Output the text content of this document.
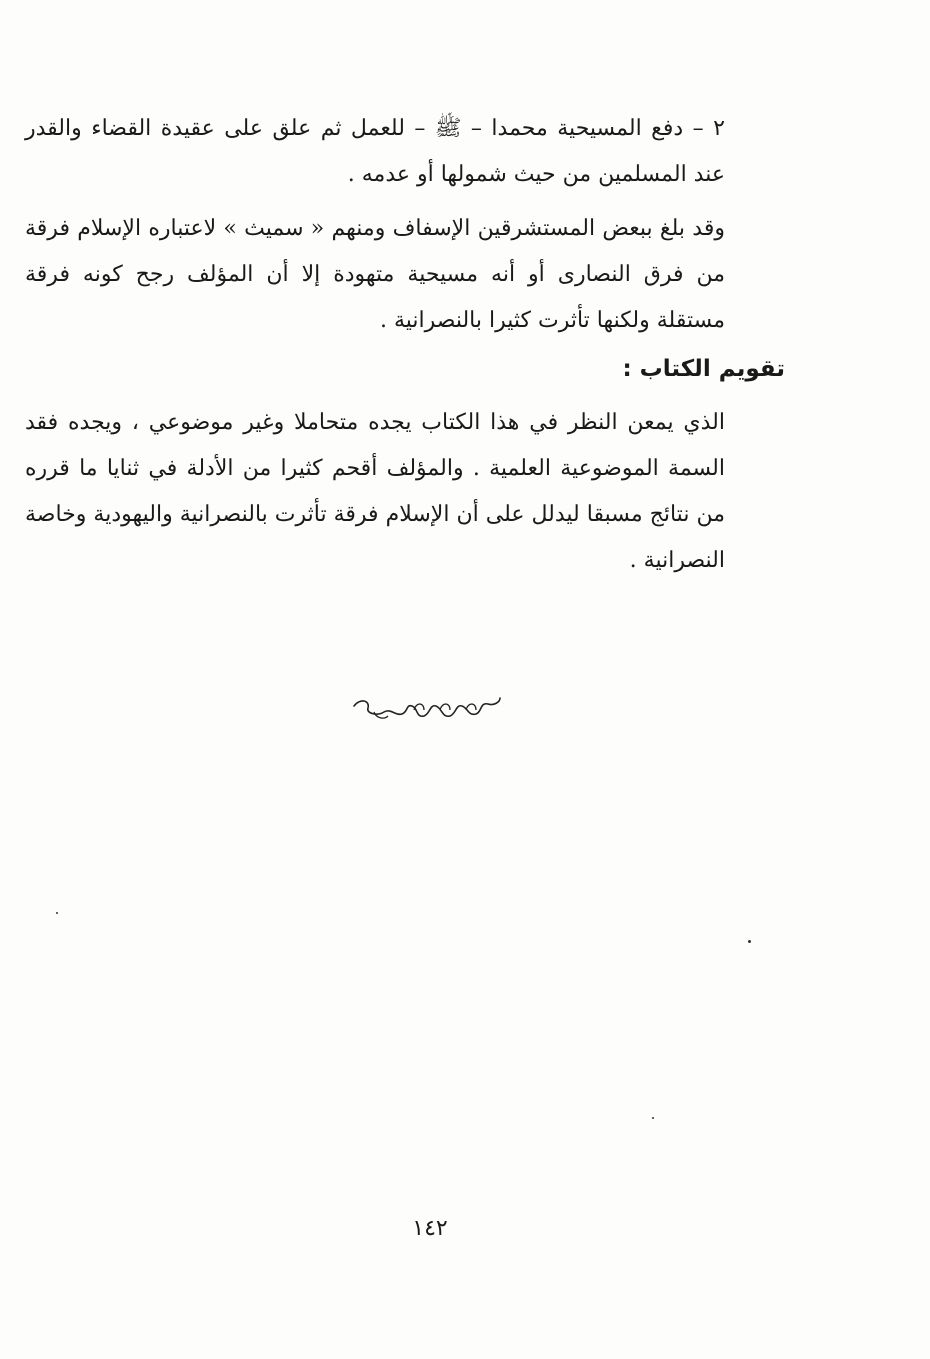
٢ – دفع المسيحية محمدا – ﷺ – للعمل ثم علق على عقيدة القضاء والقدر عند المسلمين من حيث شمولها أو عدمه .

وقد بلغ ببعض المستشرقين الإسفاف ومنهم « سميث » لاعتباره الإسلام فرقة من فرق النصارى أو أنه مسيحية متهودة إلا أن المؤلف رجح كونه فرقة مستقلة ولكنها تأثرت كثيرا بالنصرانية .

تقويم الكتاب :

الذي يمعن النظر في هذا الكتاب يجده متحاملا وغير موضوعي ، ويجده فقد السمة الموضوعية العلمية . والمؤلف أقحم كثيرا من الأدلة في ثنايا ما قرره من نتائج مسبقا ليدلل على أن الإسلام فرقة تأثرت بالنصرانية واليهودية وخاصة النصرانية .

١٤٢
